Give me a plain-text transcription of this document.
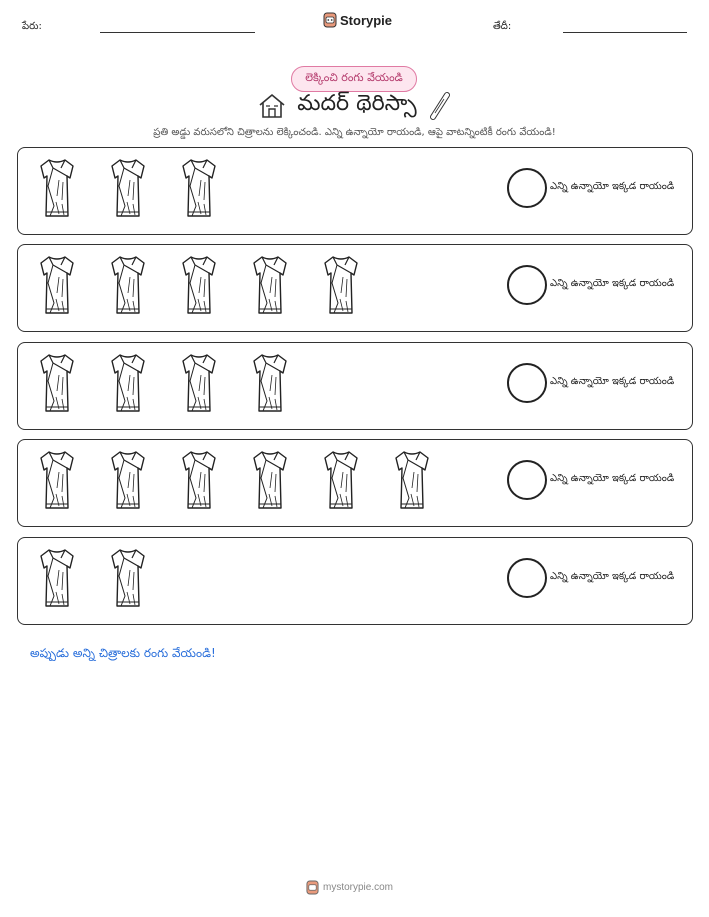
పేరు:	Storypie	తేదీ:
లెక్కించి రంగు వేయండి
మదర్ థెరిస్సా
ప్రతి అడ్డు వరుసలోని చిత్రాలను లెక్కించండి. ఎన్ని ఉన్నాయో రాయండి, ఆపై వాటన్నింటికీ రంగు వేయండి!
ఎన్ని ఉన్నాయో ఇక్కడ రాయండి
ఎన్ని ఉన్నాయో ఇక్కడ రాయండి
ఎన్ని ఉన్నాయో ఇక్కడ రాయండి
ఎన్ని ఉన్నాయో ఇక్కడ రాయండి
ఎన్ని ఉన్నాయో ఇక్కడ రాయండి
అప్పుడు అన్ని చిత్రాలకు రంగు వేయండి!
mystorypie.com
